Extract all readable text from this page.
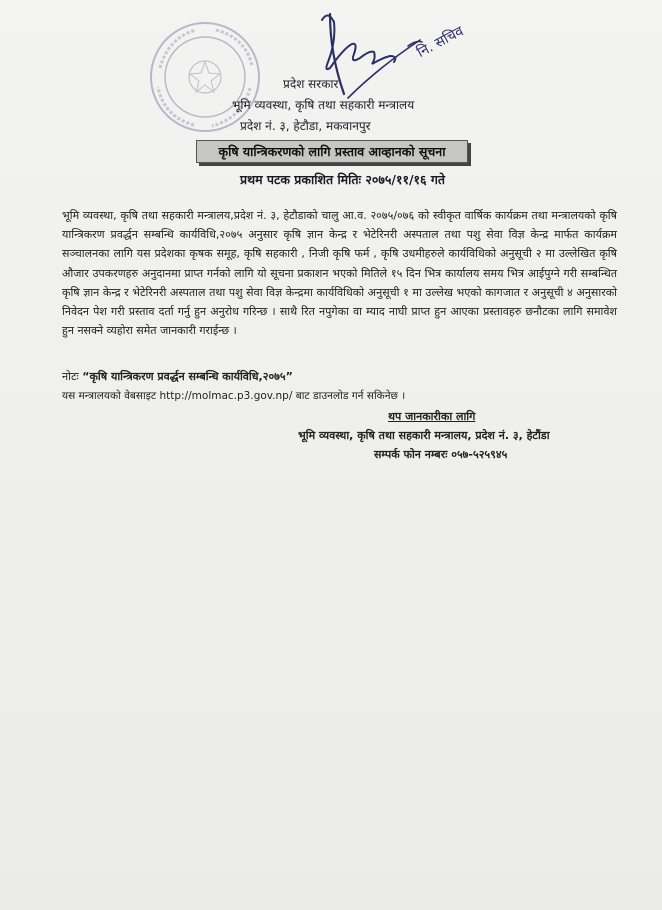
नि. सचिव
प्रदेश सरकार
भूमि व्यवस्था, कृषि तथा सहकारी मन्त्रालय
प्रदेश नं. ३, हेटौडा, मकवानपुर
कृषि यान्त्रिकरणको लागि प्रस्ताव आव्हानको सूचना
प्रथम पटक प्रकाशित मितिः २०७५/११/१६ गते
भूमि व्यवस्था, कृषि तथा सहकारी मन्त्रालय,प्रदेश नं. ३, हेटौडाको चालु आ.व. २०७५/०७६ को स्वीकृत वार्षिक कार्यक्रम तथा मन्त्रालयको कृषि यान्त्रिकरण प्रवर्द्धन सम्बन्धि कार्यविधि,२०७५ अनुसार कृषि ज्ञान केन्द्र र भेटेरिनरी अस्पताल तथा पशु सेवा विज्ञ केन्द्र मार्फत कार्यक्रम सञ्चालनका लागि यस प्रदेशका कृषक समूह, कृषि सहकारी , निजी कृषि फर्म , कृषि उधमीहरुले कार्यविधिको अनुसूची २ मा उल्लेखित कृषि औजार उपकरणहरु अनुदानमा प्राप्त गर्नको लागि यो सूचना प्रकाशन भएको मितिले १५ दिन भित्र कार्यालय समय भित्र आईपुग्ने गरी सम्बन्धित कृषि ज्ञान केन्द्र र भेटेरिनरी अस्पताल तथा पशु सेवा विज्ञ केन्द्रमा कार्यविधिको अनुसूची १ मा उल्लेख भएको कागजात र अनुसूची ४ अनुसारको निवेदन पेश गरी प्रस्ताव दर्ता गर्नु हुन अनुरोध गरिन्छ । साथै रित नपुगेका वा म्याद नाघी प्राप्त हुन आएका प्रस्तावहरु छनौटका लागि समावेश हुन नसक्ने व्यहोरा समेत जानकारी गराईन्छ ।
नोटः “कृषि यान्त्रिकरण प्रवर्द्धन सम्बन्धि कार्यविधि,२०७५”
यस मन्त्रालयको वेबसाइट http://molmac.p3.gov.np/ बाट डाउनलोड गर्न सकिनेछ ।
थप जानकारीका लागि
भूमि व्यवस्था, कृषि तथा सहकारी मन्त्रालय, प्रदेश नं. ३, हेटौंडा
सम्पर्क फोन नम्बरः ०५७-५२५९४५
